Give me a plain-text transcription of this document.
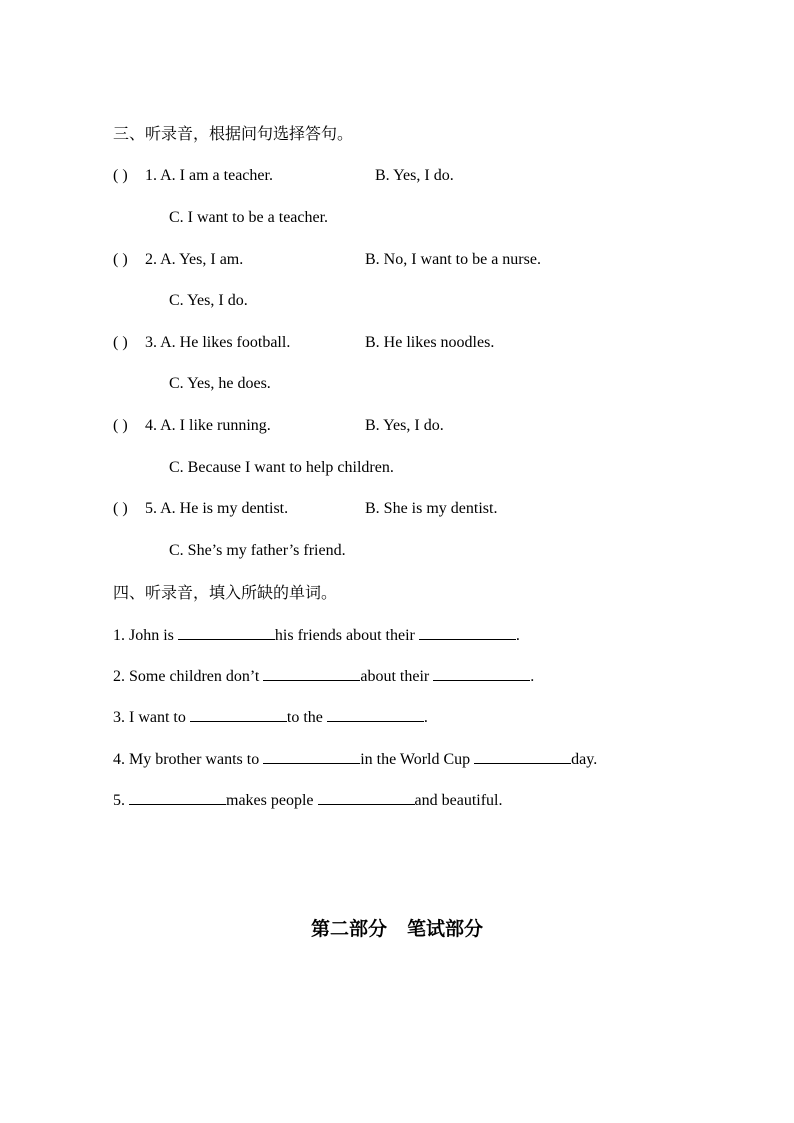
三、听录音，根据问句选择答句。
( ) 1. A. I am a teacher.	B. Yes, I do.
C. I want to be a teacher.
( ) 2. A. Yes, I am.	B. No, I want to be a nurse.
C. Yes, I do.
( ) 3. A. He likes football.	B. He likes noodles.
C. Yes, he does.
( ) 4. A. I like running.	B. Yes, I do.
C. Because I want to help children.
( ) 5. A. He is my dentist.	B. She is my dentist.
C. She’s my father’s friend.
四、听录音，填入所缺的单词。
1. John is	his friends about their	.
2. Some children don’t	about their	.
3. I want to	to the	.
4. My brother wants to	in the World Cup	day.
5.	makes people	and beautiful.
第二部分 笔试部分
